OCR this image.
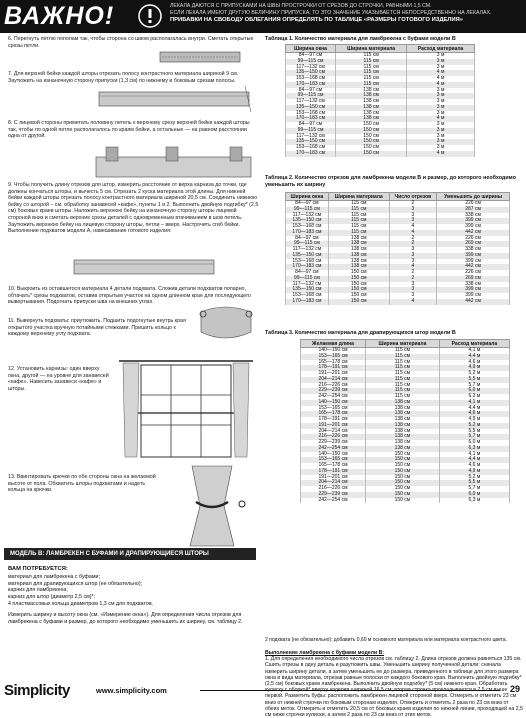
ВАЖНО!	ЛЕКАЛА ДАЮТСЯ С ПРИПУСКАМИ НА ШВЫ ПРОСТРОЧКИ ОТ СРЕЗОВ ДО СТРОЧКИ, РАВНЫМИ 1,5 СМ.
ЕСЛИ ЛЕКАЛА ИМЕЮТ ДРУГУЮ ВЕЛИЧИНУ ПРИПУСКА, ТО ЭТО ЗНАЧЕНИЕ УКАЗЫВАЕТСЯ НЕПОСРЕДСТВЕННО НА ЛЕКАЛАХ.
ПРИБАВКИ НА СВОБОДУ ОБЛЕГАНИЯ ОПРЕДЕЛЯТЬ ПО ТАБЛИЦЕ «РАЗМЕРЫ ГОТОВОГО ИЗДЕЛИЯ»
6. Перегнуть петлю пополам так, чтобы сторона со швом располагалась внутри. Сметать открытые срезы петли.
7. Для верхней бейки каждой шторы отрезать полосу контрастного материала шириной 9 см. Заутюжить на изнаночную сторону припуски (1,3 см) по нижнему и боковым срезам полосы.
8. С лицевой стороны приметать половину петель к верхнему срезу верхней бейки каждой шторы так, чтобы по одной петле располагалось по краям бейки, а остальные — на равном расстоянии одна от другой.
9. Чтобы получить длину отрезов для штор, измерить расстояние от верха карниза до точки, где должны кончаться шторы, и вычесть 5 см. Отрезать 2 куска материала этой длины. Для нижней бейки каждой шторы отрезать полосу контрастного материала шириной 20,5 см. Соединить нижнюю бейку со шторой – см. обработку занавесей «кафе», пункты 1 и 2. Выполнить двойную подгибку* (2,5 см) боковых краев шторы. Наложить верхнюю бейку на изнаночную сторону шторы лицевой стороной вниз и сметать верхние срезы деталей с одновременным втачиванием в шов петель. Заутюжить верхнюю бейку на лицевую сторону шторы, петли – вверх. Настрочить сгиб бейки. Выполнение подхватов модели А, навешивание готового изделия:
10. Выкроить из оставшегося материала 4 детали подхвата. Сложив детали подхватов попарно, обтачать* срезы подхватов, оставив открытым участок на одном длинном крае для последующего вывертывания. Подогнать припуски шва на внешних углах.
11. Вывернуть подхваты; приутюжить. Подшить подогнутые внутрь края открытого участка вручную потайными стежками. Пришить кольцо к каждому верхнему углу подхвата.
12. Установить карнизы: один вверху окна, другой — на уровне для занавесей «кафе». Навесить занавеси «кафе» и шторы.
13. Ввинтировать крючки по обе стороны окна на желаемой высоте от пола. Обхватить шторы подхватами и надеть кольца на крючки.
МОДЕЛЬ В: ЛАМБРЕКЕН С БУФАМИ И ДРАПИРУЮЩИЕСЯ ШТОРЫ
ВАМ ПОТРЕБУЕТСЯ:
материал для ламбрекена с буфами;
материал для драпирующихся штор (не обязательно);
карниз для ламбрекена;
карниз для штор (диаметр 2,5 см)*;
4 пластмассовых кольца диаметром 1,3 см для подхватов.
Измерить ширину и высоту окна (см. «Измерение окна»). Для определения числа отрезов для ламбрекена с буфами и размер, до которого необходимо уменьшить их ширину, см. таблицу 2.
Таблица 1. Количество материала для ламбрекена с буфами модели В
Ширина окна	Ширина материала	Расход материала
84—97 см	115 см	3 м
99—115 см	115 см	3 м
117—132 см	115 см	3 м
135—150 см	115 см	4 м
153—168 см	115 см	4 м
170—183 см	115 см	4 м
84—97 см	138 см	3 м
99—115 см	138 см	3 м
117—132 см	138 см	3 м
135—150 см	138 см	3 м
153—168 см	138 см	3 м
170—183 см	138 см	4 м
84—97 см	150 см	3 м
99—115 см	150 см	3 м
117—132 см	150 см	3 м
135—150 см	150 см	3 м
153—168 см	150 см	3 м
170—183 см	150 см	4 м
Таблица 2. Количество отрезов для ламбрекена модели В и размер, до которого необходимо уменьшить их ширину
Ширина окна	Ширина материала	Число отрезов	Уменьшить до ширины
84—97 см	115 см	2	226 см
99—115 см	115 см	3	287 см
117—132 см	115 см	3	338 см
135—150 см	115 см	3	399 см
153—168 см	115 см	4	399 см
170—183 см	115 см	4	442 см
84—97 см	138 см	2	226 см
99—115 см	138 см	2	269 см
117—132 см	138 см	3	338 см
135—150 см	138 см	3	399 см
153—168 см	138 см	3	399 см
170—183 см	138 см	4	442 см
84—97 см	150 см	2	226 см
99—115 см	150 см	2	269 см
117—132 см	150 см	3	338 см
135—150 см	150 см	3	399 см
153—168 см	150 см	3	399 см
170—183 см	150 см	4	442 см
Таблица 3. Количество материала для драпирующихся штор модели В
Желаемая длина	Ширина материала	Расход материала
140—150 см	115 см	4,1 м
153—165 см	115 см	4,4 м
165—178 см	115 см	4,6 м
178—191 см	115 см	4,9 м
191—201 см	115 см	5,2 м
204—214 см	115 см	5,5 м
216—226 см	115 см	5,7 м
229—239 см	115 см	6,0 м
242—254 см	115 см	6,3 м
140—150 см	138 см	4,1 м
153—165 см	138 см	4,4 м
165—178 см	138 см	4,6 м
178—191 см	138 см	4,9 м
191—201 см	138 см	5,2 м
204—214 см	138 см	5,5 м
216—226 см	138 см	5,7 м
229—239 см	138 см	6,0 м
242—254 см	138 см	6,3 м
140—150 см	150 см	4,1 м
153—165 см	150 см	4,4 м
165—178 см	150 см	4,6 м
178—191 см	150 см	4,9 м
191—201 см	150 см	5,2 м
204—214 см	150 см	5,5 м
216—226 см	150 см	5,7 м
229—239 см	150 см	6,0 м
242—254 см	150 см	6,3 м
2 подхвата (не обязательно): добавить 0,60 м основного материала или материала контрастного цвета.
Выполнение ламбрекена с буфами модели В:
1. Для определения необходимого числа отрезов см. таблицу 2. Длина отрезов должна равняться 135 см. Сшить отрезы в одну деталь и разутюжить швы. Уменьшить ширину полученной детали: сначала измерить ширину детали, а затем уменьшить ее до размера, приведенного в таблице для этого размера окна и вида материала, отрезав равные полоски от каждого бокового края. Выполнить двойную подгибку* (2,5 см) боковых краев ламбрекена. Выполнить двойную подгибку* (5 см) нижнего края. Обработать кулиску с оборкой* вверху изделия шириной 16,5 см; вторая строчка прокладывается в 7,5 см выше первой. Разметить буфы: расположить ламбрекен лицевой стороной вверх. Отмерить и отметить 23 см вниз от нижней строчки по боковым сторонам изделия. Отмерить и отметить 2 раза по 23 см вниз от обеих меток. Отмерить и отметить 20,5 см от боковых краев изделия по нижней линии, проходящей на 2,5 см ниже строчки кулиски, а затем 2 раза по 23 см вниз от этих меток.
Simplicity	www.simplicity.com	29
